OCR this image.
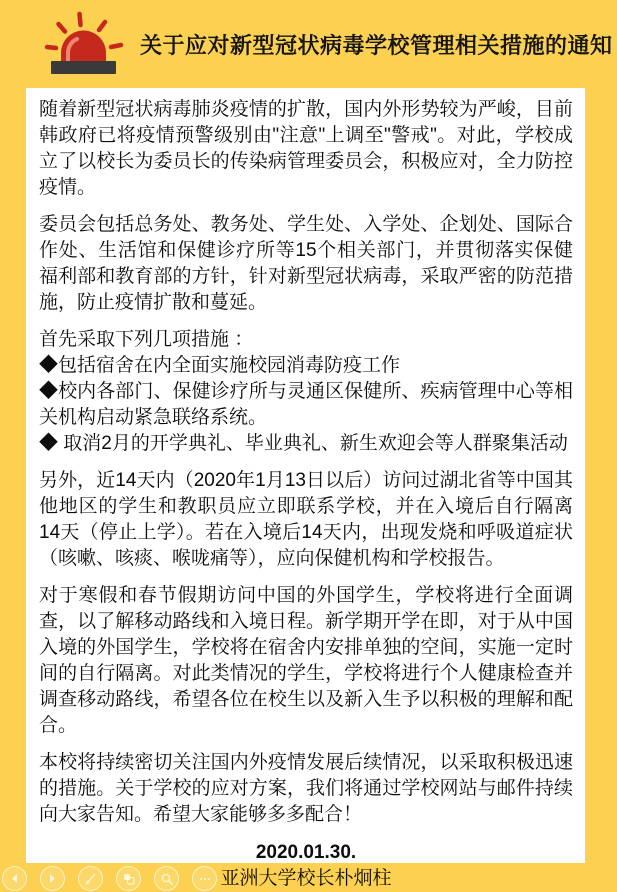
关于应对新型冠状病毒学校管理相关措施的通知

随着新型冠状病毒肺炎疫情的扩散，国内外形势较为严峻，目前韩政府已将疫情预警级别由"注意"上调至"警戒"。对此，学校成立了以校长为委员长的传染病管理委员会，积极应对，全力防控疫情。

委员会包括总务处、教务处、学生处、入学处、企划处、国际合作处、生活馆和保健诊疗所等15个相关部门，并贯彻落实保健福利部和教育部的方针，针对新型冠状病毒，采取严密的防范措施，防止疫情扩散和蔓延。

首先采取下列几项措施 ：
◆包括宿舍在内全面实施校园消毒防疫工作
◆校内各部门、保健诊疗所与灵通区保健所、疾病管理中心等相关机构启动紧急联络系统。
◆ 取消2月的开学典礼、毕业典礼、新生欢迎会等人群聚集活动

另外，近14天内（2020年1月13日以后）访问过湖北省等中国其他地区的学生和教职员应立即联系学校，并在入境后自行隔离14天（停止上学）。若在入境后14天内，出现发烧和呼吸道症状（咳嗽、咳痰、喉咙痛等），应向保健机构和学校报告。

对于寒假和春节假期访问中国的外国学生，学校将进行全面调查，以了解移动路线和入境日程。新学期开学在即，对于从中国入境的外国学生，学校将在宿舍内安排单独的空间，实施一定时间的自行隔离。对此类情况的学生，学校将进行个人健康检查并调查移动路线，希望各位在校生以及新入生予以积极的理解和配合。

本校将持续密切关注国内外疫情发展后续情况，以采取积极迅速的措施。关于学校的应对方案，我们将通过学校网站与邮件持续向大家告知。希望大家能够多多配合！

2020.01.30.
亚洲大学校长朴炯柱
